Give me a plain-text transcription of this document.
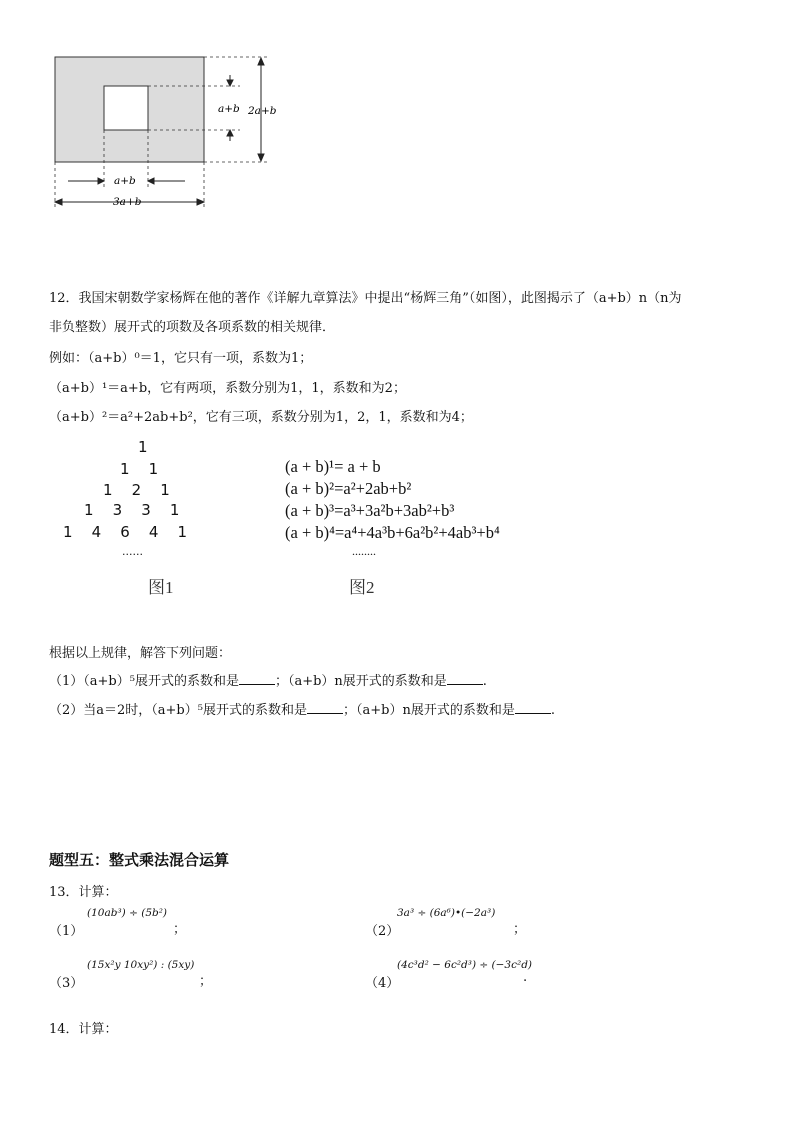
a+b 2a+b
a+b
3a+b
12．我国宋朝数学家杨辉在他的著作《详解九章算法》中提出“杨辉三角”（如图），此图揭示了（a+b）n（n为
非负整数）展开式的项数及各项系数的相关规律．
例如：（a+b）⁰＝1，它只有一项，系数为1；
（a+b）¹＝a+b，它有两项，系数分别为1，1，系数和为2；
（a+b）²＝a²+2ab+b²，它有三项，系数分别为1，2，1，系数和为4；
1
1    1
1    2    1
1    3    3    1
1    4    6    4    1
......
图1
(a + b)¹= a + b
(a + b)²=a²+2ab+b²
(a + b)³=a³+3a²b+3ab²+b³
(a + b)⁴=a⁴+4a³b+6a²b²+4ab³+b⁴
........
图2
根据以上规律，解答下列问题：
（1）（a+b）⁵展开式的系数和是	；（a+b）n展开式的系数和是	.
（2）当a＝2时，（a+b）⁵展开式的系数和是	；（a+b）n展开式的系数和是	.
题型五：整式乘法混合运算
13．计算：
（1）
(10ab³) ÷ (5b²)
；	（2）
3a³ ÷ (6a⁶)•(−2a³)
；
（3）
(15x²y 10xy²) : (5xy)
；	（4）
(4c³d² − 6c²d³) ÷ (−3c²d)
.
14．计算：
